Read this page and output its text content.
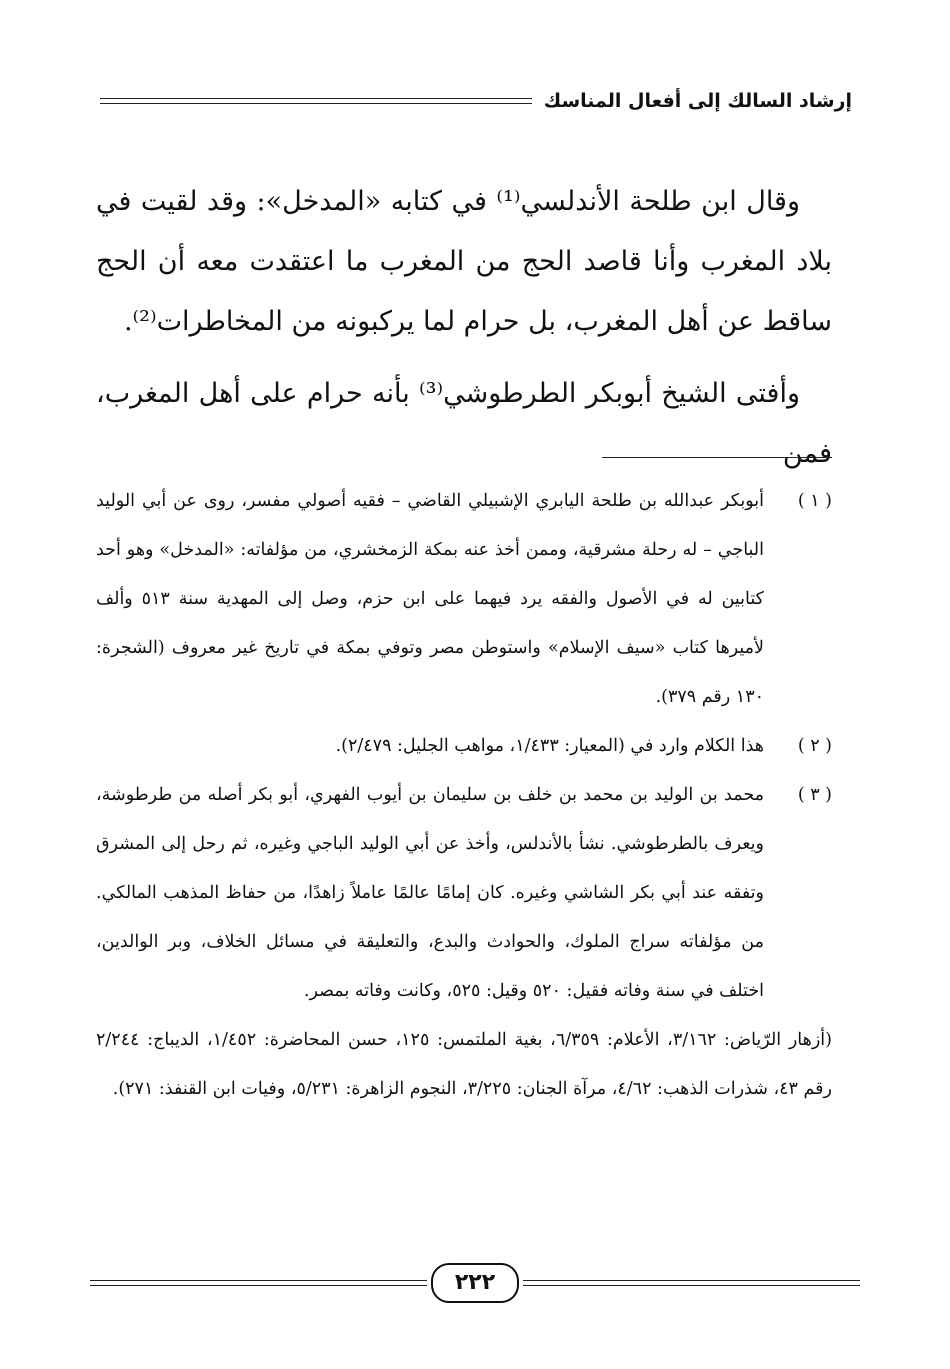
إرشاد السالك إلى أفعال المناسك

وقال ابن طلحة الأندلسي⁽¹⁾ في كتابه «المدخل»: وقد لقيت في بلاد المغرب وأنا قاصد الحج من المغرب ما اعتقدت معه أن الحج ساقط عن أهل المغرب، بل حرام لما يركبونه من المخاطرات⁽²⁾.

وأفتى الشيخ أبوبكر الطرطوشي⁽³⁾ بأنه حرام على أهل المغرب، فمن

( ١ )
أبوبكر عبدالله بن طلحة اليابري الإشبيلي القاضي – فقيه أصولي مفسر، روى عن أبي الوليد الباجي – له رحلة مشرقية، وممن أخذ عنه بمكة الزمخشري، من مؤلفاته: «المدخل» وهو أحد كتابين له في الأصول والفقه يرد فيهما على ابن حزم، وصل إلى المهدية سنة ٥١٣ وألف لأميرها كتاب «سيف الإسلام» واستوطن مصر وتوفي بمكة في تاريخ غير معروف (الشجرة: ١٣٠ رقم ٣٧٩).
( ٢ )
هذا الكلام وارد في (المعيار: ١/٤٣٣، مواهب الجليل: ٢/٤٧٩).
( ٣ )
محمد بن الوليد بن محمد بن خلف بن سليمان بن أيوب الفهري، أبو بكر أصله من طرطوشة، ويعرف بالطرطوشي. نشأ بالأندلس، وأخذ عن أبي الوليد الباجي وغيره، ثم رحل إلى المشرق وتفقه عند أبي بكر الشاشي وغيره. كان إمامًا عالمًا عاملاً زاهدًا، من حفاظ المذهب المالكي. من مؤلفاته سراج الملوك، والحوادث والبدع، والتعليقة في مسائل الخلاف، وبر الوالدين، اختلف في سنة وفاته فقيل: ٥٢٠ وقيل: ٥٢٥، وكانت وفاته بمصر.
(أزهار الرّياض: ٣/١٦٢، الأعلام: ٦/٣٥٩، بغية الملتمس: ١٢٥، حسن المحاضرة: ١/٤٥٢، الديباج: ٢/٢٤٤ رقم ٤٣، شذرات الذهب: ٤/٦٢، مرآة الجنان: ٣/٢٢٥، النجوم الزاهرة: ٥/٢٣١، وفيات ابن القنفذ: ٢٧١).
٢٢٢
